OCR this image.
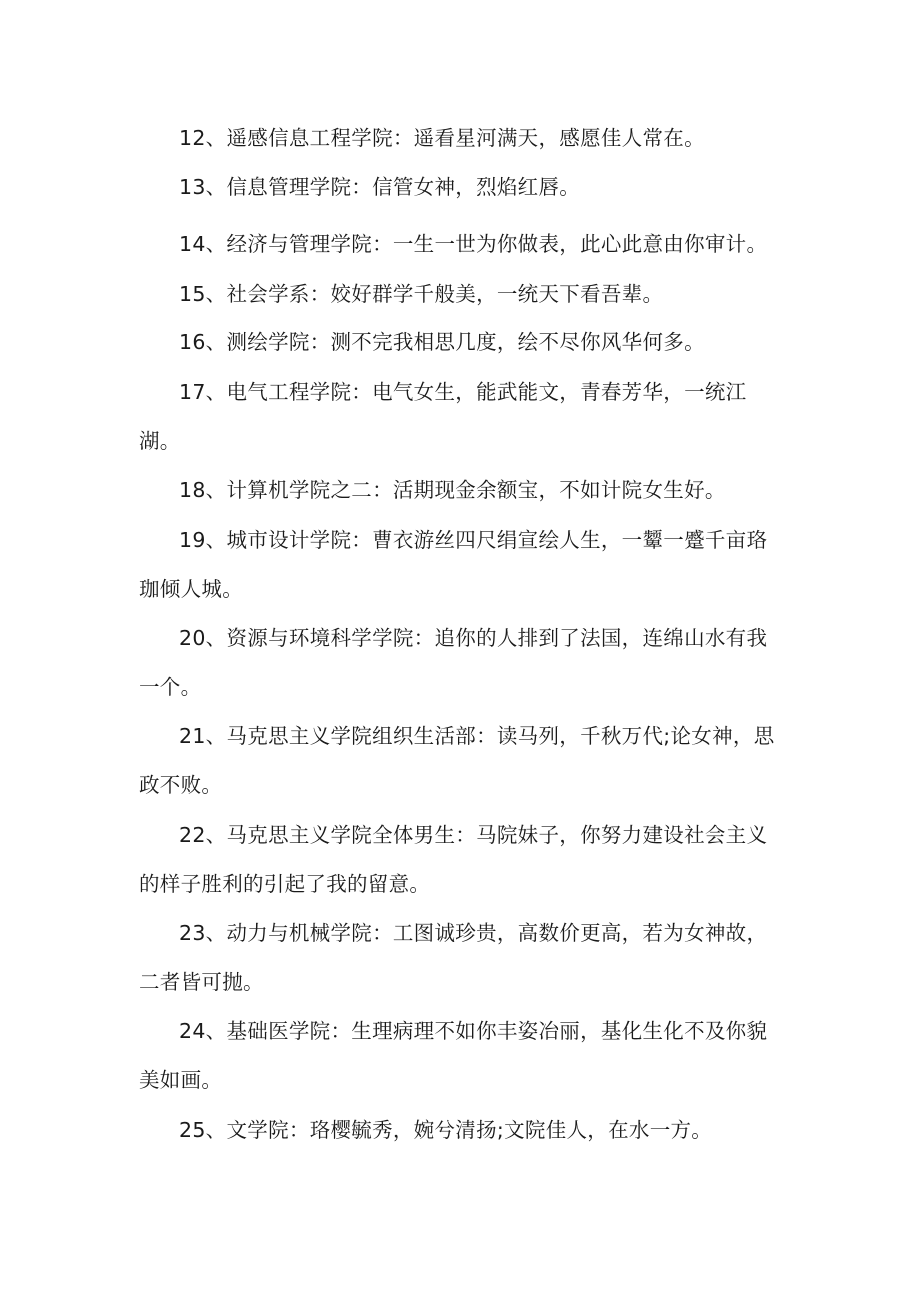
12、遥感信息工程学院：遥看星河满天，感愿佳人常在。

13、信息管理学院：信管女神，烈焰红唇。

14、经济与管理学院：一生一世为你做表，此心此意由你审计。

15、社会学系：姣好群学千般美，一统天下看吾辈。

16、测绘学院：测不完我相思几度，绘不尽你风华何多。

17、电气工程学院：电气女生，能武能文，青春芳华，一统江湖。

18、计算机学院之二：活期现金余额宝，不如计院女生好。

19、城市设计学院：曹衣游丝四尺绢宣绘人生，一颦一蹙千亩珞珈倾人城。

20、资源与环境科学学院：追你的人排到了法国，连绵山水有我一个。

21、马克思主义学院组织生活部：读马列，千秋万代;论女神，思政不败。

22、马克思主义学院全体男生：马院妹子，你努力建设社会主义的样子胜利的引起了我的留意。

23、动力与机械学院：工图诚珍贵，高数价更高，若为女神故，二者皆可抛。

24、基础医学院：生理病理不如你丰姿冶丽，基化生化不及你貌美如画。

25、文学院：珞樱毓秀，婉兮清扬;文院佳人，在水一方。
